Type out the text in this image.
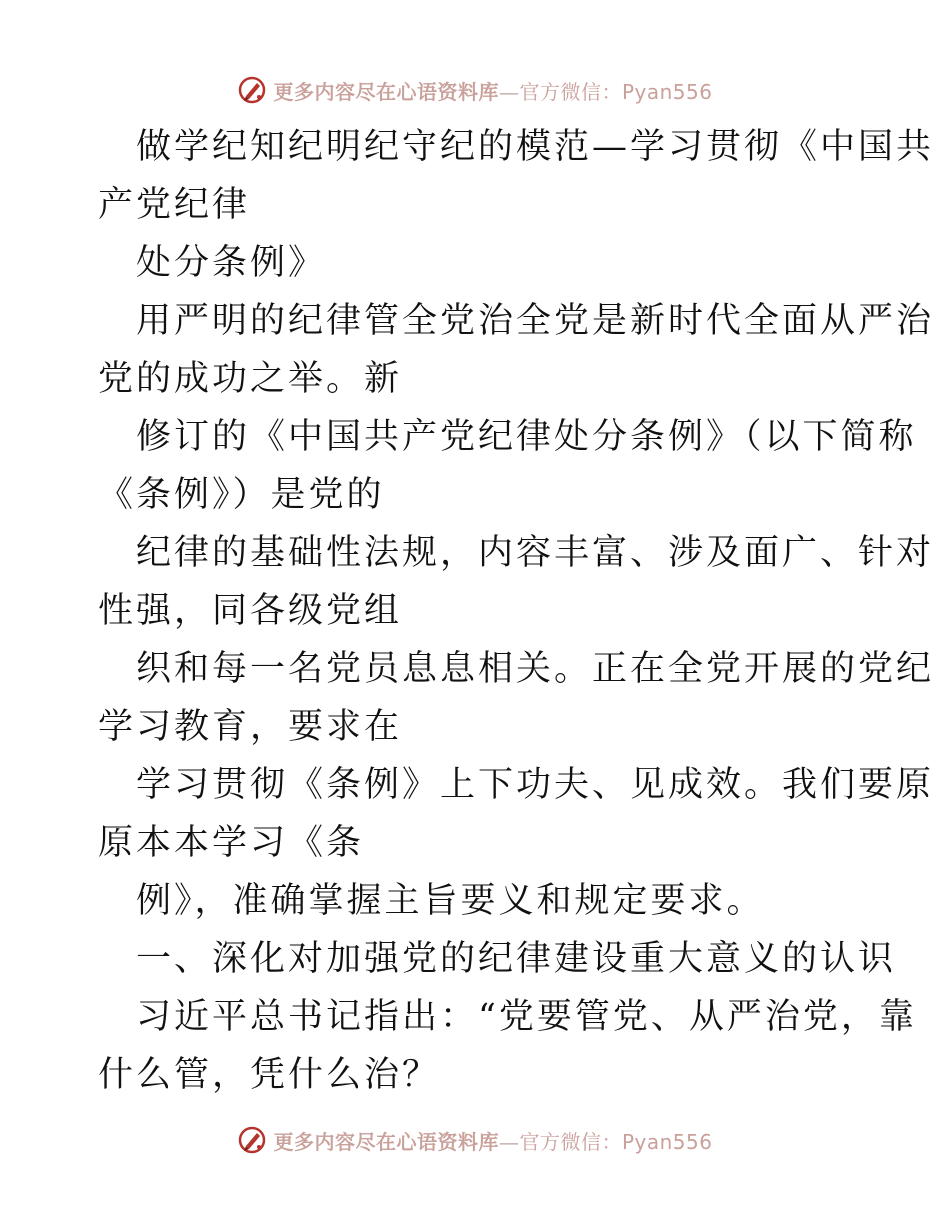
更多内容尽在心语资料库—官方微信：Pyan556
做学纪知纪明纪守纪的模范—学习贯彻《中国共
产党纪律
处分条例》
用严明的纪律管全党治全党是新时代全面从严治
党的成功之举。新
修订的《中国共产党纪律处分条例》（以下简称
《条例》）是党的
纪律的基础性法规，内容丰富、涉及面广、针对
性强，同各级党组
织和每一名党员息息相关。正在全党开展的党纪
学习教育，要求在
学习贯彻《条例》上下功夫、见成效。我们要原
原本本学习《条
例》，准确掌握主旨要义和规定要求。
一、深化对加强党的纪律建设重大意义的认识
习近平总书记指出：“党要管党、从严治党，靠
什么管，凭什么治？
更多内容尽在心语资料库—官方微信：Pyan556
